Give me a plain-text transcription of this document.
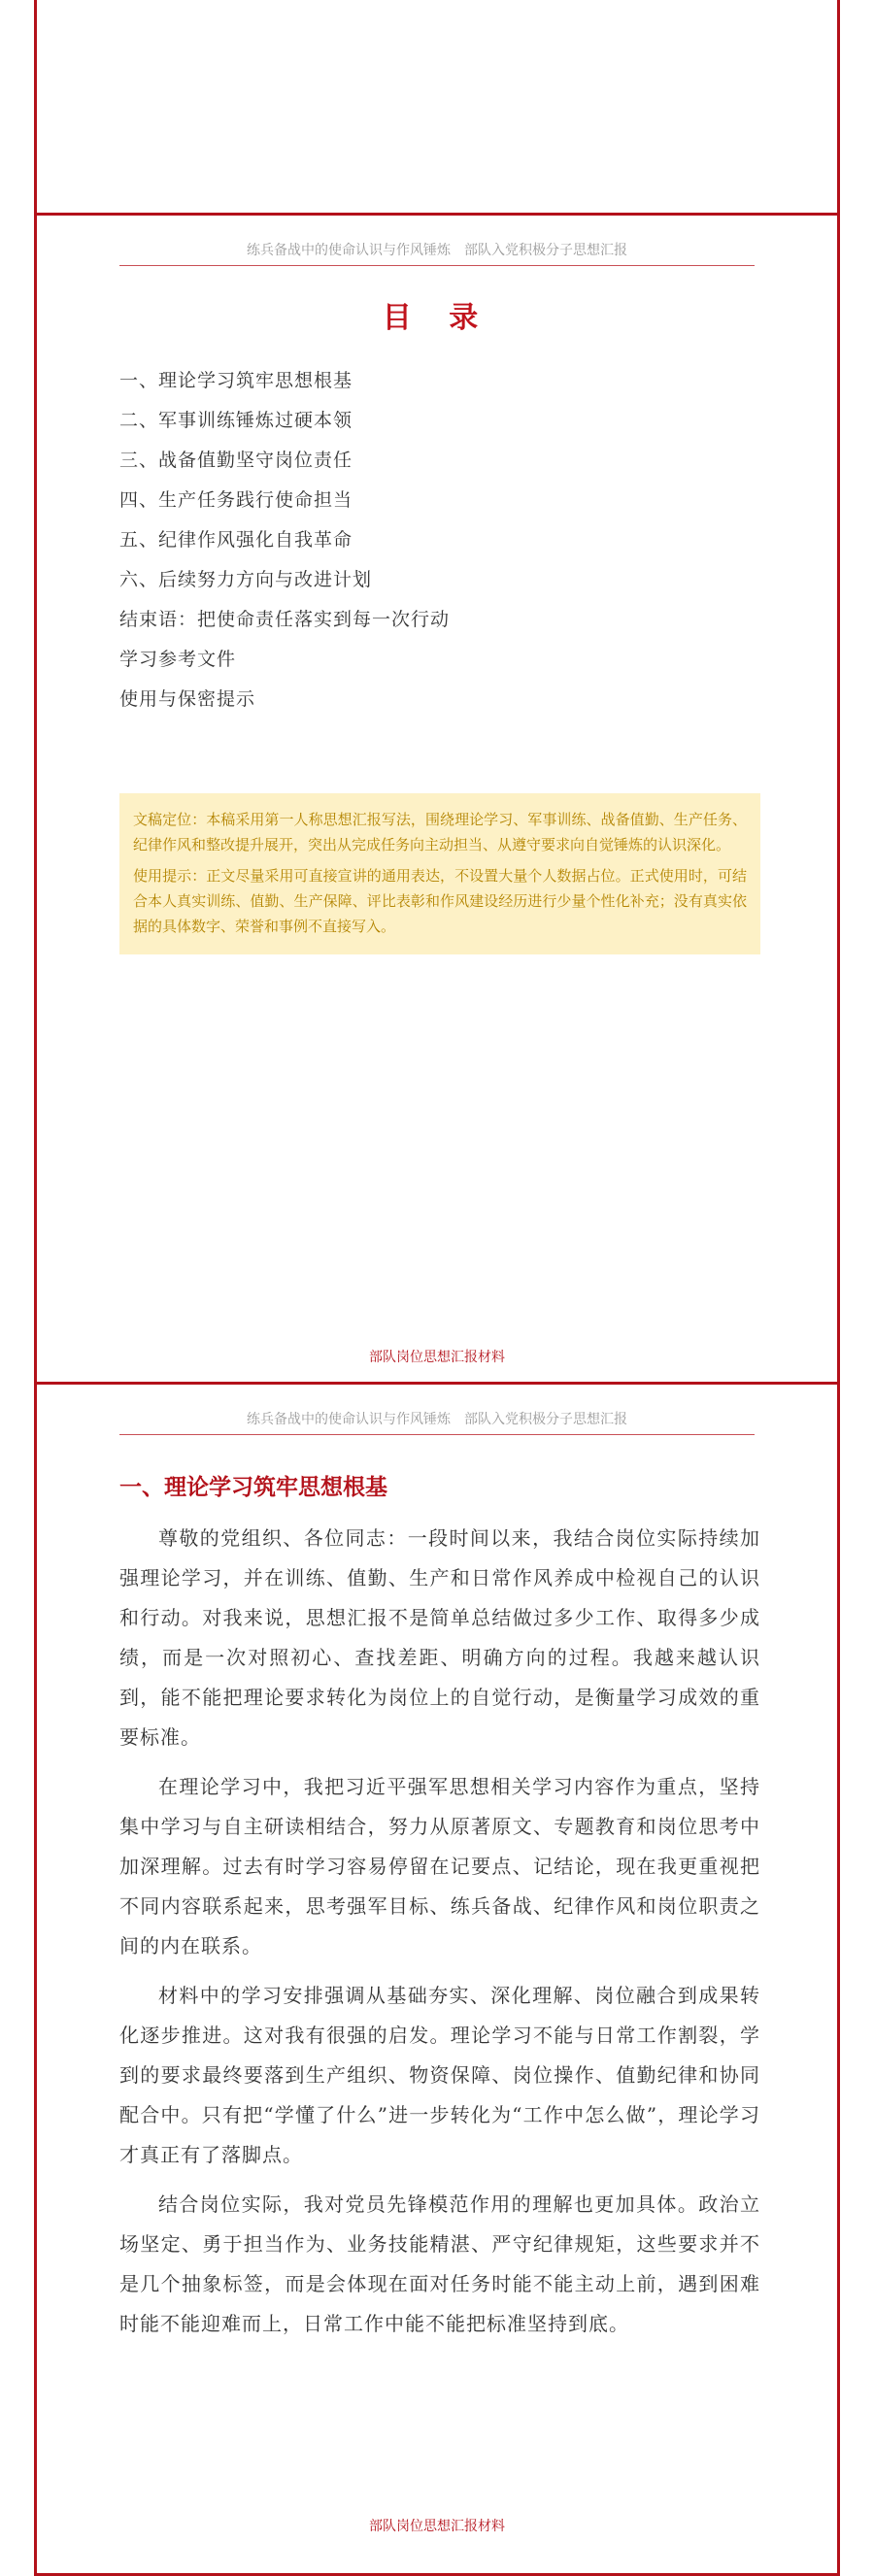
练兵备战中的使命认识与作风锤炼　部队入党积极分子思想汇报
目 录
一、理论学习筑牢思想根基
二、军事训练锤炼过硬本领
三、战备值勤坚守岗位责任
四、生产任务践行使命担当
五、纪律作风强化自我革命
六、后续努力方向与改进计划
结束语：把使命责任落实到每一次行动
学习参考文件
使用与保密提示

文稿定位：本稿采用第一人称思想汇报写法，围绕理论学习、军事训练、战备值勤、生产任务、纪律作风和整改提升展开，突出从完成任务向主动担当、从遵守要求向自觉锤炼的认识深化。

使用提示：正文尽量采用可直接宣讲的通用表达，不设置大量个人数据占位。正式使用时，可结合本人真实训练、值勤、生产保障、评比表彰和作风建设经历进行少量个性化补充；没有真实依据的具体数字、荣誉和事例不直接写入。

部队岗位思想汇报材料
练兵备战中的使命认识与作风锤炼　部队入党积极分子思想汇报
一、理论学习筑牢思想根基

尊敬的党组织、各位同志：一段时间以来，我结合岗位实际持续加强理论学习，并在训练、值勤、生产和日常作风养成中检视自己的认识和行动。对我来说，思想汇报不是简单总结做过多少工作、取得多少成绩，而是一次对照初心、查找差距、明确方向的过程。我越来越认识到，能不能把理论要求转化为岗位上的自觉行动，是衡量学习成效的重要标准。

在理论学习中，我把习近平强军思想相关学习内容作为重点，坚持集中学习与自主研读相结合，努力从原著原文、专题教育和岗位思考中加深理解。过去有时学习容易停留在记要点、记结论，现在我更重视把不同内容联系起来，思考强军目标、练兵备战、纪律作风和岗位职责之间的内在联系。

材料中的学习安排强调从基础夯实、深化理解、岗位融合到成果转化逐步推进。这对我有很强的启发。理论学习不能与日常工作割裂，学到的要求最终要落到生产组织、物资保障、岗位操作、值勤纪律和协同配合中。只有把“学懂了什么”进一步转化为“工作中怎么做”，理论学习才真正有了落脚点。

结合岗位实际，我对党员先锋模范作用的理解也更加具体。政治立场坚定、勇于担当作为、业务技能精湛、严守纪律规矩，这些要求并不是几个抽象标签，而是会体现在面对任务时能不能主动上前，遇到困难时能不能迎难而上，日常工作中能不能把标准坚持到底。

部队岗位思想汇报材料
